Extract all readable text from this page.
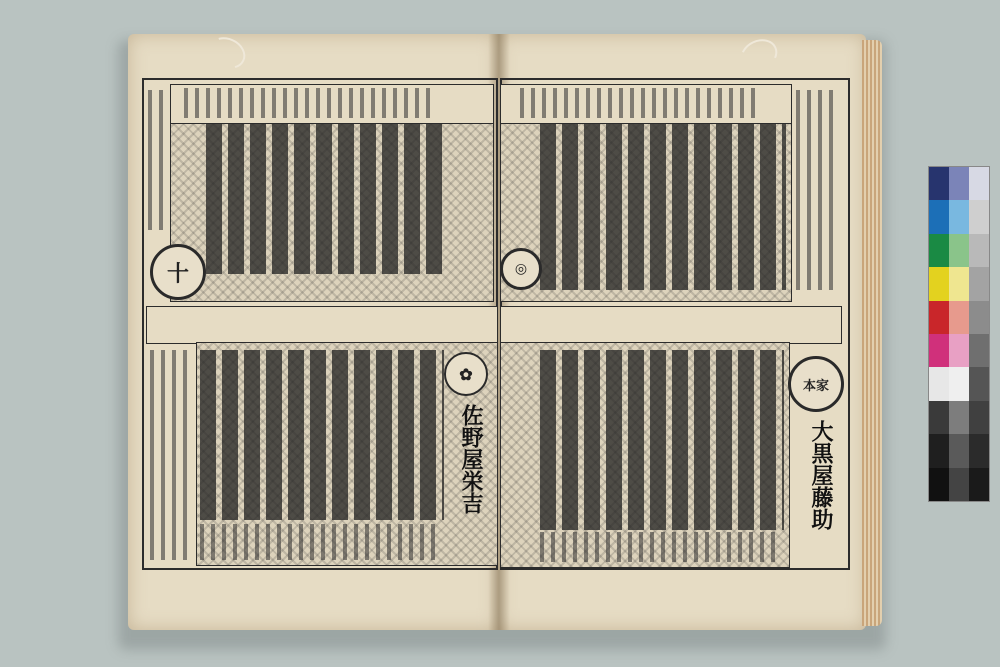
十
✿
佐野屋栄吉
◎
本家
大黒屋藤助
